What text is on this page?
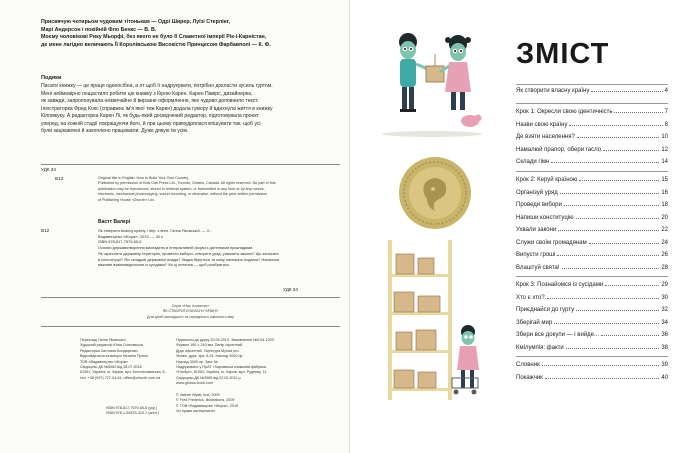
Присвячую чотирьом чудовим тітонькам — Одрі Ширер, Луїзі Стерлінг,
Марі Андерсон і покійній Фло Бенкс — В. В.
Моєму чоловікові Рику Мьорфі, без якого не було б Славетної імперії Рік-і-Карністан,
де мене лагідно величають Її Королівською Високістю Принцесою Фарбавполі — К. Ф.
Подяки
Писати книжку — це праця одноосібна, а от щоб її надрукувати, потрібно докласти зусиль гуртом.
Мені неймовірно пощастило робити цю книжку з Кірою Карен. Карен Павірс, дизайнерка,
як завжди, запропонувала незвичайне й виразне оформлення, яке чудово доповнило текст.
Ілюстраторка Фред Кокс (справжнє ім'я якої теж Карен) додала гумору й вдихнула життя в книжку
Кілпижуку. А редакторка Карен Лі, як будь-який досвідчений редактор, підготовувала проект
уперед, на кожній стадії покращуючи його, й при цьому примудрялася втішувати так, щоб усі
були зацікавлені й захоплено працювали. Дуже дякую їм усім.
УДК 34
В12	Original title in English: How to Build Your Own Country
Published by permission of Kids Can Press Ltd., Toronto, Ontario, Canada. All rights reserved. No part of this
publication may be reproduced, stored in retrieval system, or transmitted in any form or by any means,
electronic, mechanical photocopying, sound recording, or otherwise, without the prior written permission
of Publishing House «Zhorzh» Ltd.
Вастт Валері
В12	Як створити власну країну / пер. з англ. Ганни Яковської. — Х.:
Видавництво «Жорж», 2019. — 40 с.
ISBN 978-617-7579-65-5
Основи державотворення викладено в інтерактивній формі з дотепними прикладами.
Як окреслити державну територію, провести вибори, створити уряд, ухвалити закони? Що записати
в конституції? Які складові державної влади? Звідки беруться та кому належать податки? Наскільки
важливі взаємовідносини із сусідами? Усі ці питання — щоб розібратись.
УДК 34
Серія «Нас із книгою»
ЯК СТВОРИТИ ВЛАСНУ КРАЇНУ
Для дітей молодшого та середнього шкільного віку
Переклад Ганни Яковської
Художній редактор Юлія Сосновська
Редакторка Світлана Бондаренко
Відповідальна за випуск Наталія Прітко
ТОВ «Видавництво «Жорж»
Свідоцтво ДК №5062 від 28.07.2016
61051, Україна, м. Харків, вул. Котельниківська, 5,
тел. +38 (057) 727-04-94, office@zhorzh.com.ua
Підписано до друку 20.04.2019. Замовлення №9-04-1203
Формат 195 × 240 мм. Папір офсетний.
Друк офсетний. Гарнітура Myriad pro.
Умовн. друк. арк. 6,24. Наклад 3000 пр.
Наклад 3000 пр. Зам. №
Надруковано у ПрАТ «Харківська книжкова фабрика
«Глобус», 61052, Україна, м. Харків, вул. Рудневу, 11.
Свідоцтво ДК №3985 від 22.02.2011 р.
www.globus-book.com
ISBN 978-617-7579-65-5 (укр.)
ISBN 978-1-55453-310-7 (англ.)
© Valerie Wyatt, text, 2009
© Fred Frederick, illustrations, 2009
© ТОВ «Видавництво «Жорж», 2019
Усі права застережено
ЗМІСТ
Як створити власну країну	4
Крок 1: Окресли свою ідентичність	7
Назви свою країну	8
Де взяти населення?	10
Намалюй прапор, обери гасло	12
Склади гімн	14
Крок 2: Керуй країною	15
Організуй уряд	16
Проведи вибори	18
Напиши конституцію	20
Ухвали закони	22
Служи своїм громадянам	24
Випусти гроші	26
Влаштуй свята!	28
Крок 3: Познайомся із сусідами	29
Хто є хто?	30
Приєднайся до гурту	32
Зберігай мир	34
Збери все докупи — і вийде...	36
Кмілумпія: факти	38
Словник	39
Покажчик	40
